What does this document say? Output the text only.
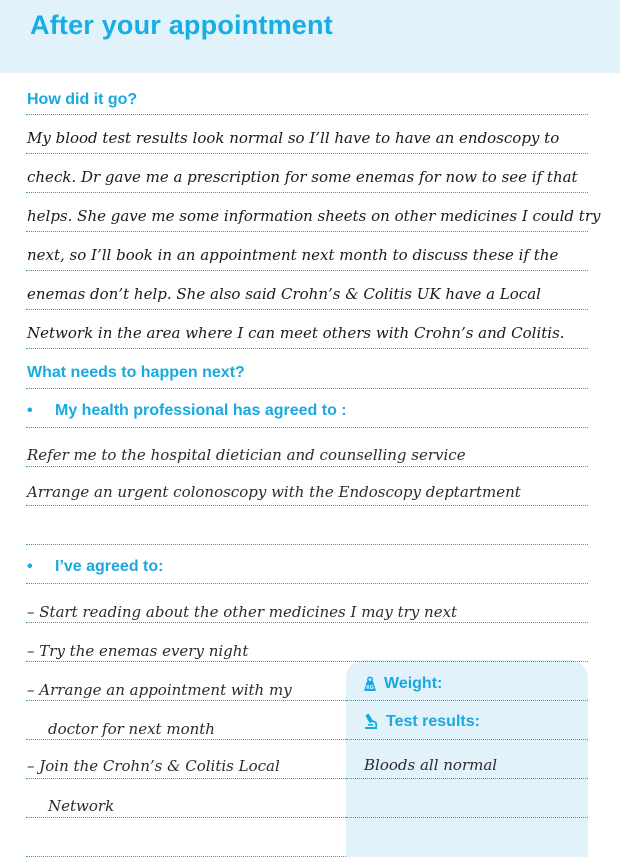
After your appointment
How did it go?
My blood test results look normal so I’ll have to have an endoscopy to
check. Dr gave me a prescription for some enemas for now to see if that
helps. She gave me some information sheets on other medicines I could try
next, so I’ll book in an appointment next month to discuss these if the
enemas don’t help. She also said Crohn’s & Colitis UK have a Local
Network in the area where I can meet others with Crohn’s and Colitis.
What needs to happen next?
• My health professional has agreed to :
Refer me to the hospital dietician and counselling service
Arrange an urgent colonoscopy with the Endoscopy deptartment
• I’ve agreed to:
– Start reading about the other medicines I may try next
– Try the enemas every night
– Arrange an appointment with my
doctor for next month
– Join the Crohn’s & Colitis Local
Network
KG Weight:
Test results:
Bloods all normal
